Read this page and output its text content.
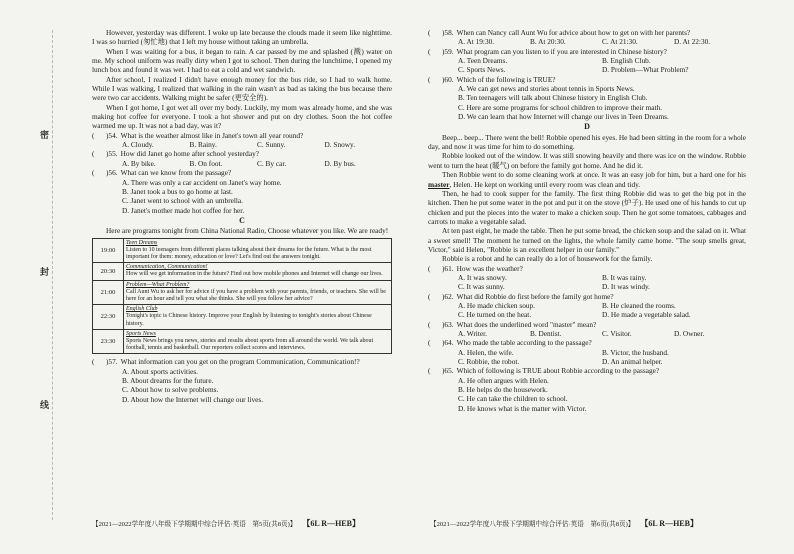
密
封
线

However, yesterday was different. I woke up late because the clouds made it seem like nighttime. I was so hurried (匆忙地) that I left my house without taking an umbrella.

When I was waiting for a bus, it began to rain. A car passed by me and splashed (溅) water on me. My school uniform was really dirty when I got to school. Then during the lunchtime, I opened my lunch box and found it was wet. I had to eat a cold and wet sandwich.

After school, I realized I didn't have enough money for the bus ride, so I had to walk home. While I was walking, I realized that walking in the rain wasn't as bad as taking the bus because there were two car accidents. Walking might be safer (更安全的).

When I got home, I got wet all over my body. Luckily, my mom was already home, and she was making hot coffee for everyone. I took a hot shower and put on dry clothes. Soon the hot coffee warmed me up. It was not a bad day, was it?

(	)54. What is the weather almost like in Janet's town all year round?
A. Cloudy.	B. Rainy.	C. Sunny.	D. Snowy.
(	)55. How did Janet go home after school yesterday?
A. By bike.	B. On foot.	C. By car.	D. By bus.
(	)56. What can we know from the passage?
A. There was only a car accident on Janet's way home.
B. Janet took a bus to go home at last.
C. Janet went to school with an umbrella.
D. Janet's mother made hot coffee for her.
C

Here are programs tonight from China National Radio, Choose whatever you like. We are ready!

19:00	Teen Dreams
Listen to 10 teenagers from different places talking about their dreams for the future. What is the most important for them: money, education or love? Let's find out the answers tonight.

20:30	Communication, Communication!
How will we get information in the future? Find out how mobile phones and Internet will change our lives.

21:00	Problem—What Problem?
Call Aunt Wu to ask her for advice if you have a problem with your parents, friends, or teachers. She will be here for an hour and tell you what she thinks. She will you follow her advice?

22:30	English Club
Tonight's topic is Chinese history. Improve your English by listening to tonight's stories about Chinese history.

23:30	Sports News
Sports News brings you news, stories and results about sports from all around the world. We talk about football, tennis and basketball. Our reporters collect scores and interviews.
(	)57. What information can you get on the program Communication, Communication!?
A. About sports activities.
B. About dreams for the future.
C. About how to solve problems.
D. About how the Internet will change our lives.
【2021—2022学年度八年级下学期期中综合评估·英语　第5页(共8页)】 【6L R—HEB】
(	)58. When can Nancy call Aunt Wu for advice about how to get on with her parents?
A. At 19:30.	B. At 20:30.	C. At 21:30.	D. At 22:30.
(	)59. What program can you listen to if you are interested in Chinese history?
A. Teen Dreams.	B. English Club.
C. Sports News.	D. Problem—What Problem?
(	)60. Which of the following is TRUE?
A. We can get news and stories about tennis in Sports News.
B. Ten teenagers will talk about Chinese history in English Club.
C. Here are some programs for school children to improve their math.
D. We can learn that how Internet will change our lives in Teen Dreams.
D

Beep... beep... There went the bell! Robbie opened his eyes. He had been sitting in the room for a whole day, and now it was time for him to do something.

Robbie looked out of the window. It was still snowing heavily and there was ice on the window. Robbie went to turn the heat (暖气) on before the family got home. And he did it.

Then Robbie went to do some cleaning work at once. It was an easy job for him, but a hard one for his master, Helen. He kept on working until every room was clean and tidy.

Then, he had to cook supper for the family. The first thing Robbie did was to get the big pot in the kitchen. Then he put some water in the pot and put it on the stove (炉子). He used one of his hands to cut up chicken and put the pieces into the water to make a chicken soup. Then he got some tomatoes, cabbages and carrots to make a vegetable salad.

At ten past eight, he made the table. Then he put some bread, the chicken soup and the salad on it. What a sweet smell! The moment he turned on the lights, the whole family came home. "The soup smells great, Victor," said Helen, "Robbie is an excellent helper in our family."

Robbie is a robot and he can really do a lot of housework for the family.

(	)61. How was the weather?
A. It was snowy.	B. It was rainy.
C. It was sunny.	D. It was windy.
(	)62. What did Robbie do first before the family got home?
A. He made chicken soup.	B. He cleaned the rooms.
C. He turned on the heat.	D. He made a vegetable salad.
(	)63. What does the underlined word "master" mean?
A. Writer.	B. Dentist.	C. Visitor.	D. Owner.
(	)64. Who made the table according to the passage?
A. Helen, the wife.	B. Victor, the husband.
C. Robbie, the robot.	D. An animal helper.
(	)65. Which of following is TRUE about Robbie according to the passage?
A. He often argues with Helen.
B. He helps do the housework.
C. He can take the children to school.
D. He knows what is the matter with Victor.
【2021—2022学年度八年级下学期期中综合评估·英语　第6页(共8页)】 【6L R—HEB】
